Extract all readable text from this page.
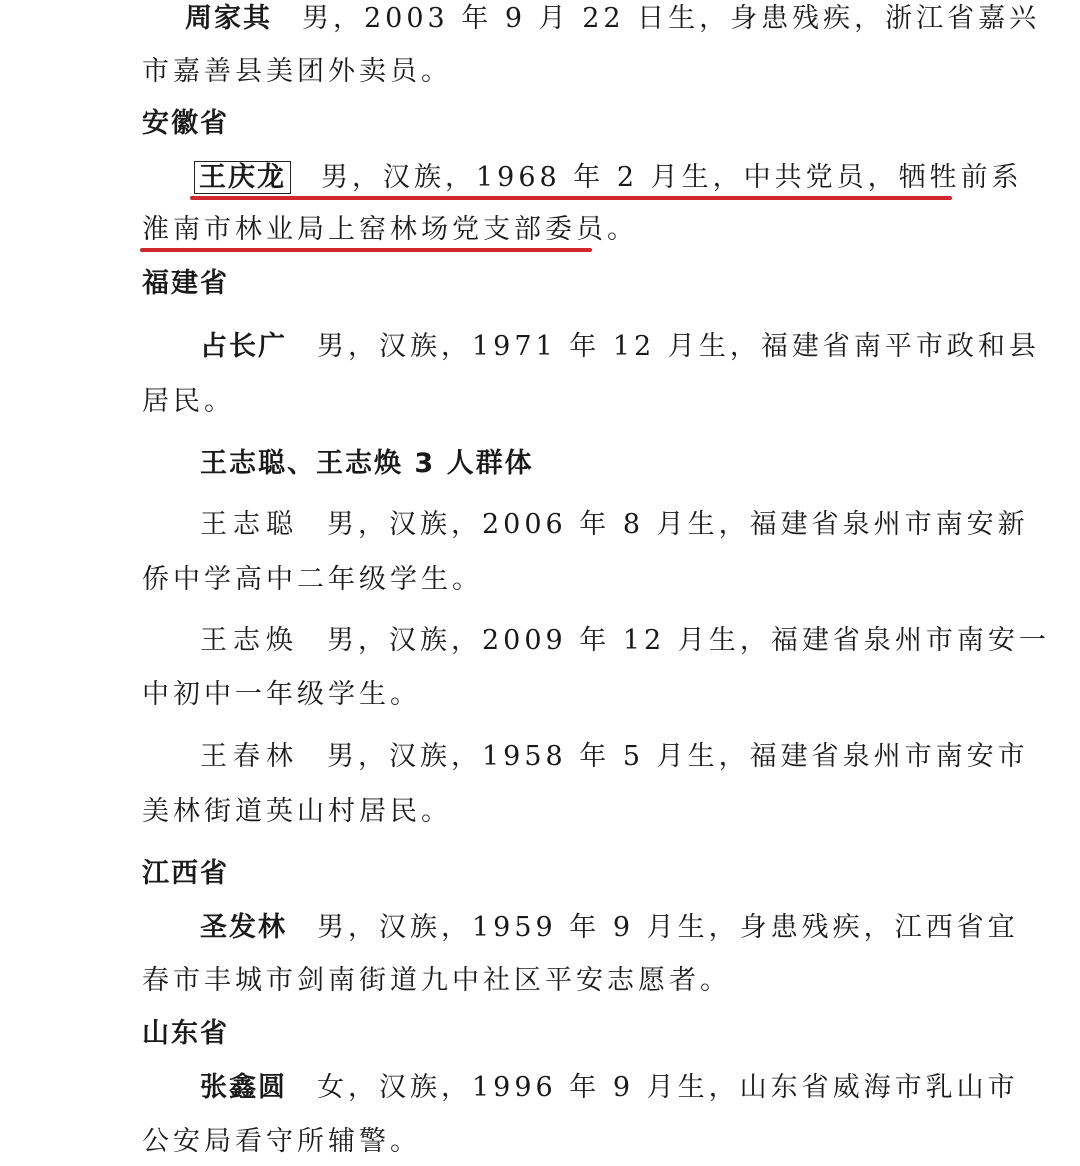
周家其 男，2003 年 9 月 22 日生，身患残疾，浙江省嘉兴
市嘉善县美团外卖员。
安徽省
王庆龙 男，汉族，1968 年 2 月生，中共党员，牺牲前系
淮南市林业局上窑林场党支部委员。
福建省
占长广 男，汉族，1971 年 12 月生，福建省南平市政和县
居民。
王志聪、王志焕 3 人群体
王志聪 男，汉族，2006 年 8 月生，福建省泉州市南安新
侨中学高中二年级学生。
王志焕 男，汉族，2009 年 12 月生，福建省泉州市南安一
中初中一年级学生。
王春林 男，汉族，1958 年 5 月生，福建省泉州市南安市
美林街道英山村居民。
江西省
圣发林 男，汉族，1959 年 9 月生，身患残疾，江西省宜
春市丰城市剑南街道九中社区平安志愿者。
山东省
张鑫圆 女，汉族，1996 年 9 月生，山东省威海市乳山市
公安局看守所辅警。
